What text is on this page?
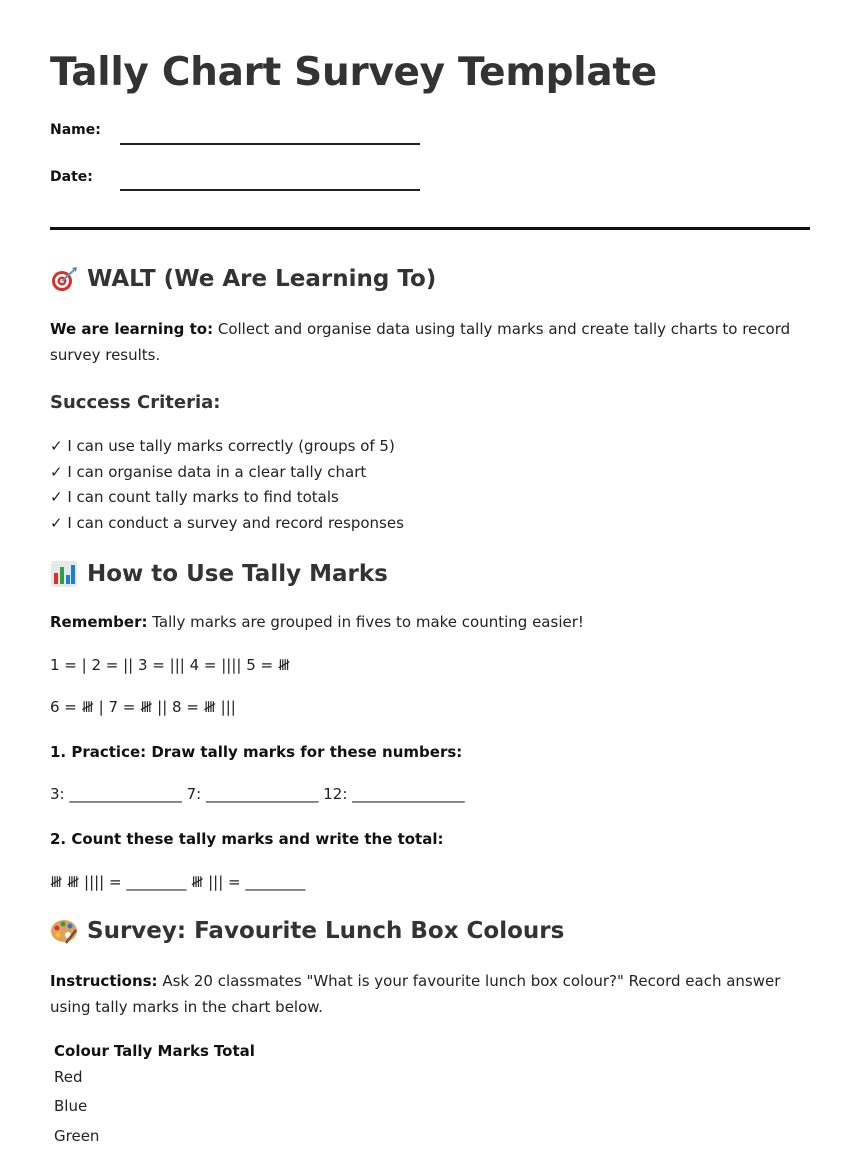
Tally Chart Survey Template
Name:
Date:
WALT (We Are Learning To)

We are learning to: Collect and organise data using tally marks and create tally charts to record survey results.

Success Criteria:
✓ I can use tally marks correctly (groups of 5)
✓ I can organise data in a clear tally chart
✓ I can count tally marks to find totals
✓ I can conduct a survey and record responses
How to Use Tally Marks

Remember: Tally marks are grouped in fives to make counting easier!

1 = | 2 = || 3 = ||| 4 = |||| 5 = 𝍸
6 = 𝍸 | 7 = 𝍸 || 8 = 𝍸 |||
1. Practice: Draw tally marks for these numbers:
3: _______________ 7: _______________ 12: _______________
2. Count these tally marks and write the total:
𝍸 𝍸 |||| = ________ 𝍸 ||| = ________
Survey: Favourite Lunch Box Colours

Instructions: Ask 20 classmates "What is your favourite lunch box colour?" Record each answer using tally marks in the chart below.

Colour	Tally Marks	Total
Red		
Blue		
Green		
